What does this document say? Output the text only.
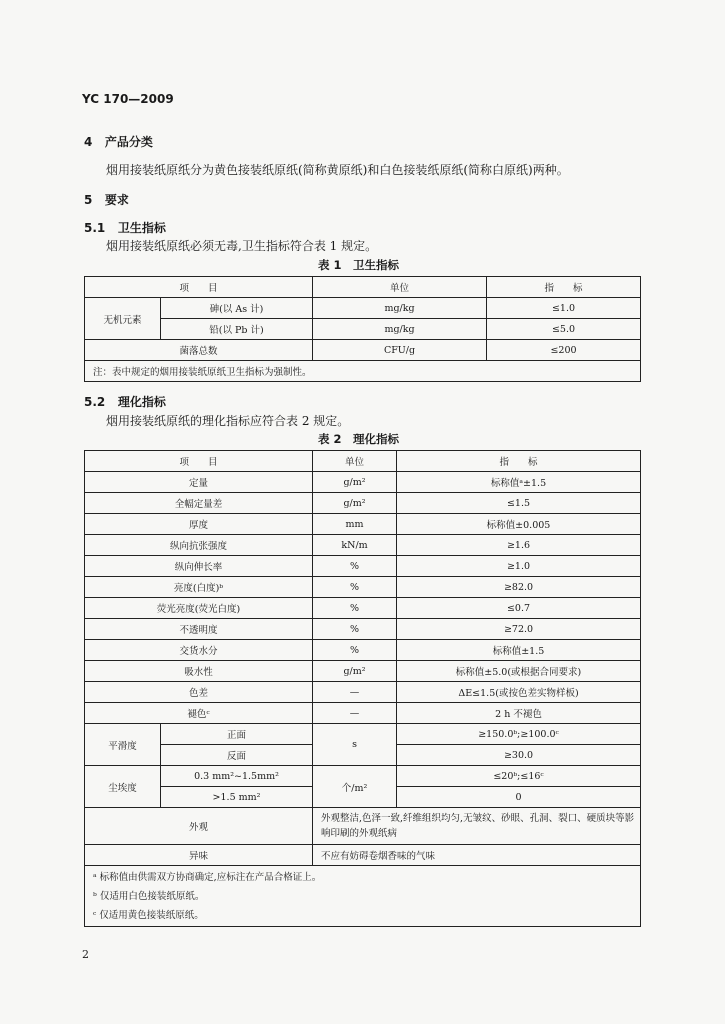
YC 170—2009
4 产品分类
烟用接装纸原纸分为黄色接装纸原纸(简称黄原纸)和白色接装纸原纸(简称白原纸)两种。
5 要求
5.1 卫生指标
烟用接装纸原纸必须无毒,卫生指标符合表 1 规定。
表 1　卫生指标
项　　目		单位	指　　标
无机元素	砷(以 As 计)	mg/kg	≤1.0
	铅(以 Pb 计)	mg/kg	≤5.0
菌落总数		CFU/g	≤200
注：表中规定的烟用接装纸原纸卫生指标为强制性。			
5.2 理化指标
烟用接装纸原纸的理化指标应符合表 2 规定。
表 2　理化指标
项　　目		单位	指　　标
定量		g/m²	标称值ᵃ±1.5
全幅定量差		g/m²	≤1.5
厚度		mm	标称值±0.005
纵向抗张强度		kN/m	≥1.6
纵向伸长率		%	≥1.0
亮度(白度)ᵇ		%	≥82.0
荧光亮度(荧光白度)		%	≤0.7
不透明度		%	≥72.0
交货水分		%	标称值±1.5
吸水性		g/m²	标称值±5.0(或根据合同要求)
色差		—	ΔE≤1.5(或按色差实物样板)
褪色ᶜ		—	2 h 不褪色
平滑度	正面	s	≥150.0ᵇ;≥100.0ᶜ
	反面		≥30.0
尘埃度	0.3 mm²~1.5mm²	个/m²	≤20ᵇ;≤16ᶜ
	>1.5 mm²		0
外观		外观整洁,色泽一致,纤维组织均匀,无皱纹、砂眼、孔洞、裂口、硬质块等影响印刷的外观纸病	
异味		不应有妨碍卷烟香味的气味	

ᵃ 标称值由供需双方协商确定,应标注在产品合格证上。
ᵇ 仅适用白色接装纸原纸。
ᶜ 仅适用黄色接装纸原纸。			
2
